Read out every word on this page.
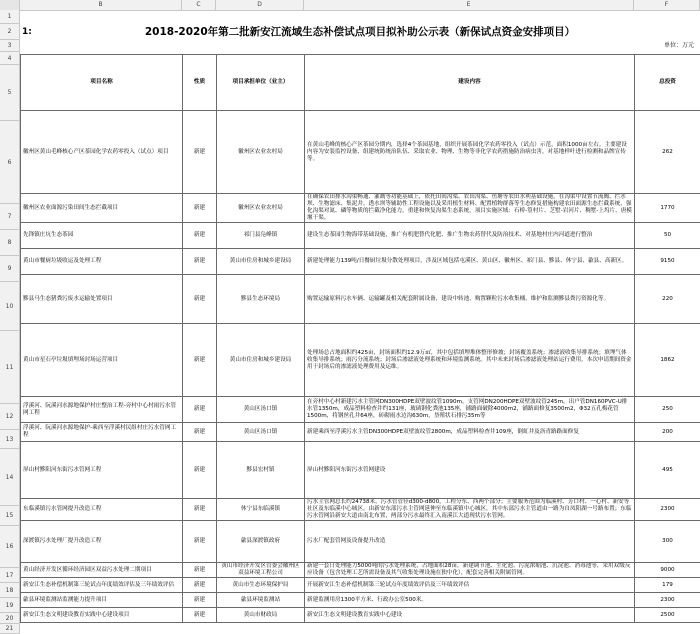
B	C	D	E	F
1
2
3
4
5
6
7
8
9
10
11
12
13
14
15
16
17
18
19
20
21
1:	2018-2020年第二批新安江流域生态补偿试点项目拟补助公示表（新保试点资金安排项目）
单位：万元
项目名称	性质	项目承担单位（业主）	建设内容	总投资
徽州区黄山毛峰核心产区茶园化学农药零投入（试点）项目	新建	徽州区农业农村局	在黄山毛峰的核心产区茶园分期内，选择4个茶园基地，组织开展茶园化学农药零投入（试点）示范，面积1000亩左右。主要建设内容为安装监控设备、组建统防统治队伍、采取农业、物理、生物等非化学农药措施防治病虫害，对基地样叶进行检测和品牌宣传等。	262
徽州区农业面源污染田间生态拦截项目	新建	徽州区农业农村局	在确保农田排水沟渠畅通、灌溉等功能基础上，依托田间沟渠、农田沟渠、鱼塘等农田水利基础设施，在沟渠中设置节流阀、拦水坝、生物滤床、集泥井、透水坝等辅助性工程设施以及采用植生材料、配置植物群落等生态修复措施构建农田面源生态拦截系统，强化沟渠对氮、磷等物质的拦截净化能力，重建和恢复沟渠生态系统。项目实施区域：石桥-篁村片、芝墅-岩河片、稠墅-上坞片、唐模堰干渠。	1770
先锋镇庄坑生态茶园	新建	祁门县凫峰镇	建设生态茶园生物海带基础设施，推广有机肥替代化肥、推广生物农药替代及防治技术、对基地村庄内河道进行整治	50
黄山市餐厨垃圾收运及处理工程	新建	黄山市住房和城乡建设局	新建处理能力139吨/日餐厨垃圾分散处理项目，涉及区域包括屯溪区、黄山区、徽州区、祁门县、黟县、休宁县、歙县、高新区。	9150
黟县马生态猪粪污废水运输处置项目	新建	黟县生态环境局	购置运输原料污水车辆、运输罐及相关配套附属设备，建设中转池、购置颗粒污水收集桶、维护和监测黟县粪污资源化等。	220
黄山市星石亭垃圾填埋场封场运营项目	新建	黄山市住房和城乡建设局	处理场总占地面积约425亩，封场面积约12.9万㎡，其中包括填埋堆体整形修坡；封场覆盖系统；渗滤液收集导排系统；填埋气体收集导排系统；雨污分流系统；封场后渗滤液处理系统和环境监测系统。其中未来封场后渗滤液处理站运行费用，本次申请期间资金用于封场后的渗滤液处理费用及运维。	1862
浮溪河、阮溪河水源地保护村庄整治工程-旁村中心村雨污水管网工程	新建	黄山区汤口镇	在旁村中心村新建污水主管网DN300HDPE双壁波纹管1090m，支管网DN200HDPE双壁波纹管245m，出户管DN160PVC-U排水管1350m，成品塑料检查井约131座，玻璃钢化粪池135座，铺路面破除4000m2，铺路面修复3500m2，Φ32五孔梅花管1500m，将钢丝孔井64座，砖砌雨水边沟630m，垦殖状石排污35m等	250
浮溪河、阮溪河水源地保护-乘西至浮溪村民组村庄污水管网工程	新建	黄山区汤口镇	新建乘西至浮溪污水主管DN300HDPE双壁波纹管2800m，成品塑料检查井109座，倒虹井及沥青路路面修复	200
屏山村黟阳河东街污水管网工程	新建	黟县宏村镇	屏山村黟阳河东街污水管网建设	495
东临溪镇污水管网提升改造工程	新建	休宁县东临溪镇	污水主管网总长约24738米，污水管管径d300-d800，工程分东、西两个部分；主要服务范围为临溪村、芳口村、一心村、新安等社区及东临溪中心城区，由新安东部污水主管网延伸至东临溪镇中心城区，其中东部污水主管道由一路为自凤阳湖一号路布置；东临污水管网沿新安大道由南北布置，两部分污水最终汇入南溪江大道现状污水管网。	2300
深渡镇污水处理厂提升改造工程	新建	歙县深渡镇政府	污水厂配套管网及设备提升改造	300
黄山经济开发区循环经济园区双益污水处理二期项目	新建	黄山市经济开发区管委会徽州区双益环境工程公司	新建一套日处理能力5000吨的污水处理系统，占地面积28亩，新建调节池、生化池、污泥浓缩池、沉淀池、消毒池等，采用双级反应设备（包含处理工艺所需设备及其气收集处理设施在独中化），配套完善相关附属管网。	9000
新安江生态补偿机制第三轮试点年度绩效评估及三年绩效评估	新建	黄山市生态环境保护局	开展新安江生态补偿机制第三轮试点年度绩效评估及三年绩效评估	179
歙县环境监测站监测能力提升项目	新建	歙县环境监测站	新建监测用房1300平方米、行政办公室500米。	2300
新安江生态文明建设教育实践中心建设项目	新建	黄山市财政局	新安江生态文明建设教育实践中心建设	2500
